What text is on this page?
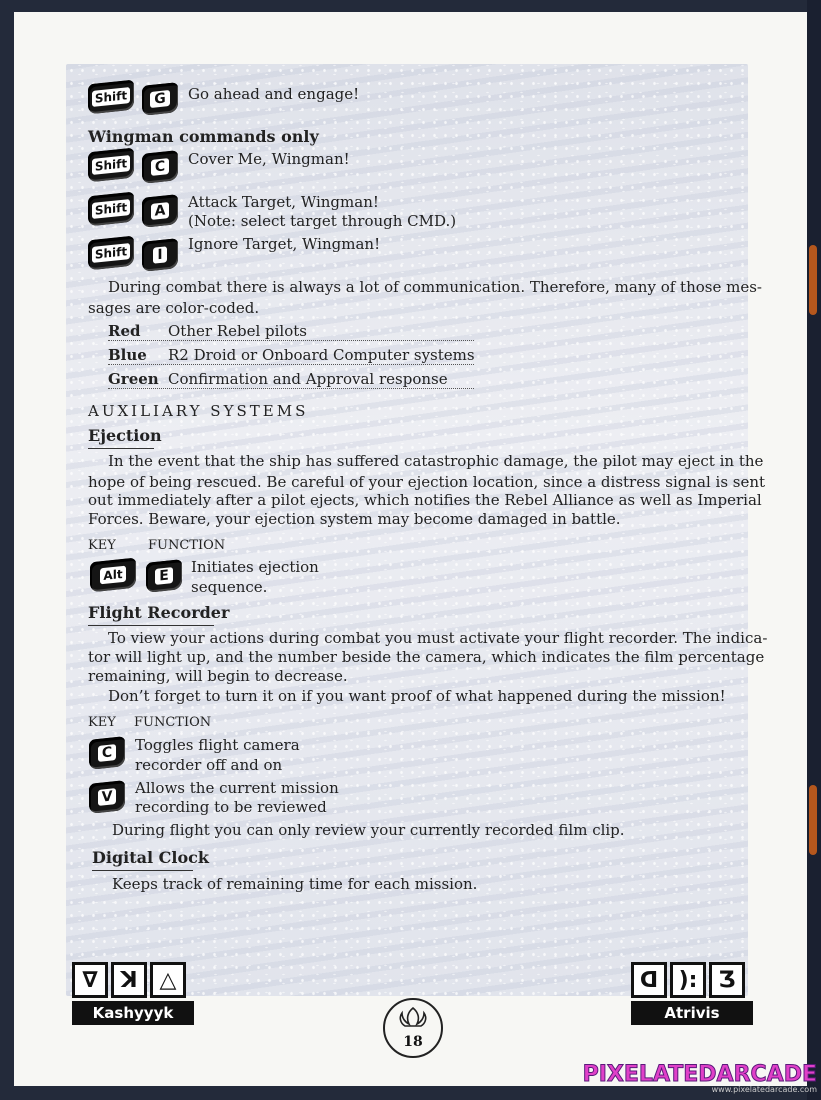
Shift G Go ahead and engage!
Wingman commands only
Shift C Cover Me, Wingman!
Shift A Attack Target, Wingman!
(Note: select target through CMD.)
Shift I
Ignore Target, Wingman!
During combat there is always a lot of communication. Therefore, many of those mes-
sages are color-coded.
Red Other Rebel pilots
Blue R2 Droid or Onboard Computer systems
Green Confirmation and Approval response
AUXILIARY SYSTEMS
Ejection
In the event that the ship has suffered catastrophic damage, the pilot may eject in the
hope of being rescued. Be careful of your ejection location, since a distress signal is sent
out immediately after a pilot ejects, which notifies the Rebel Alliance as well as Imperial
Forces. Beware, your ejection system may become damaged in battle.
KEY FUNCTION
Alt	E
Initiates ejection
sequence.
Flight Recorder
To view your actions during combat you must activate your flight recorder. The indica-
tor will light up, and the number beside the camera, which indicates the film percentage
remaining, will begin to decrease.
Don’t forget to turn it on if you want proof of what happened during the mission!
KEY FUNCTION
C Toggles flight camera
recorder off and on
V Allows the current mission
recording to be reviewed
During flight you can only review your currently recorded film clip.
Digital Clock
Keeps track of remaining time for each mission.
∇	ꓘ	△
Kashyyyk
ᗡ ): Ӡ
Atrivis
18
PIXELATEDARCADE
www.pixelatedarcade.com
